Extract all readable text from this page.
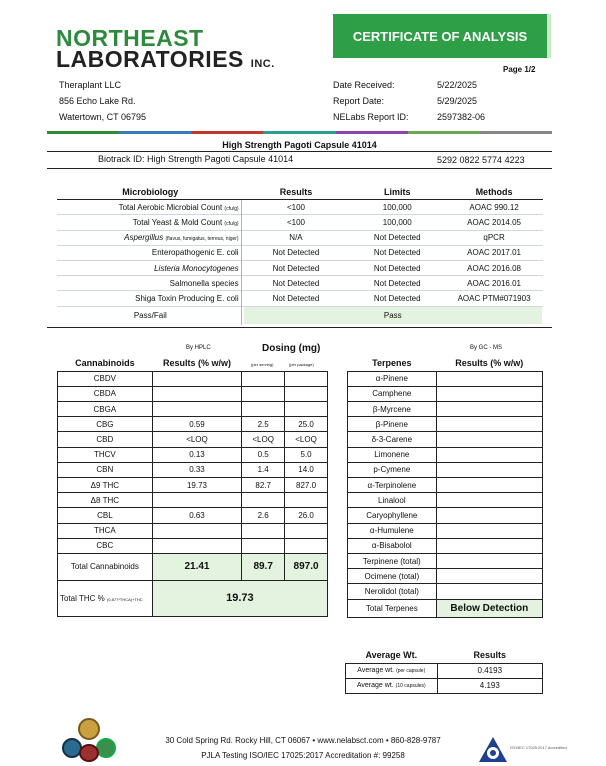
NORTHEAST
LABORATORIES INC.
CERTIFICATE OF ANALYSIS
Page 1/2
Theraplant LLC
856 Echo Lake Rd.
Watertown, CT 06795
Date Received:	5/22/2025
Report Date:	5/29/2025
NELabs Report ID:	2597382-06
High Strength Pagoti Capsule 41014
Biotrack ID: High Strength Pagoti Capsule 41014	5292 0822 5774 4223
Microbiology	Results	Limits	Methods
Total Aerobic Microbial Count (cfu/g)	<100	100,000	AOAC 990.12
Total Yeast & Mold Count (cfu/g)	<100	100,000	AOAC 2014.05
Aspergillus (flavus, fumigatus, terreus, niger)	N/A	Not Detected	qPCR
Enteropathogenic E. coli	Not Detected	Not Detected	AOAC 2017.01
Listeria Monocytogenes	Not Detected	Not Detected	AOAC 2016.08
Salmonella species	Not Detected	Not Detected	AOAC 2016.01
Shiga Toxin Producing E. coli	Not Detected	Not Detected	AOAC PTM#071903
Pass/Fail	Pass		
By HPLC	Dosing (mg)
(per serving)	(per package)
Cannabinoids	Results (% w/w)		
CBDV			
CBDA			
CBGA			
CBG	0.59	2.5	25.0
CBD	<LOQ	<LOQ	<LOQ
THCV	0.13	0.5	5.0
CBN	0.33	1.4	14.0
Δ9 THC	19.73	82.7	827.0
Δ8 THC			
CBL	0.63	2.6	26.0
THCA			
CBC			
Total Cannabinoids	21.41	89.7	897.0
Total THC % (0.877*THCA)+THC	19.73		
By GC - MS
Terpenes	Results (% w/w)
α-Pinene	
Camphene	
β-Myrcene	
β-Pinene	
δ-3-Carene	
Limonene	
p-Cymene	
α-Terpinolene	
Linalool	
Caryophyllene	
α-Humulene	
α-Bisabolol	
Terpinene (total)	
Ocimene (total)	
Nerolidol (total)	
Total Terpenes	Below Detection
Average Wt.	Results
Average wt. (per capsule)	0.4193
Average wt. (10 capsules)	4.193
30 Cold Spring Rd. Rocky Hill, CT 06067 • www.nelabsct.com • 860-828-9787
PJLA Testing ISO/IEC 17025:2017 Accreditation #: 99258
ISO/IEC 17025:2017 Accredited
